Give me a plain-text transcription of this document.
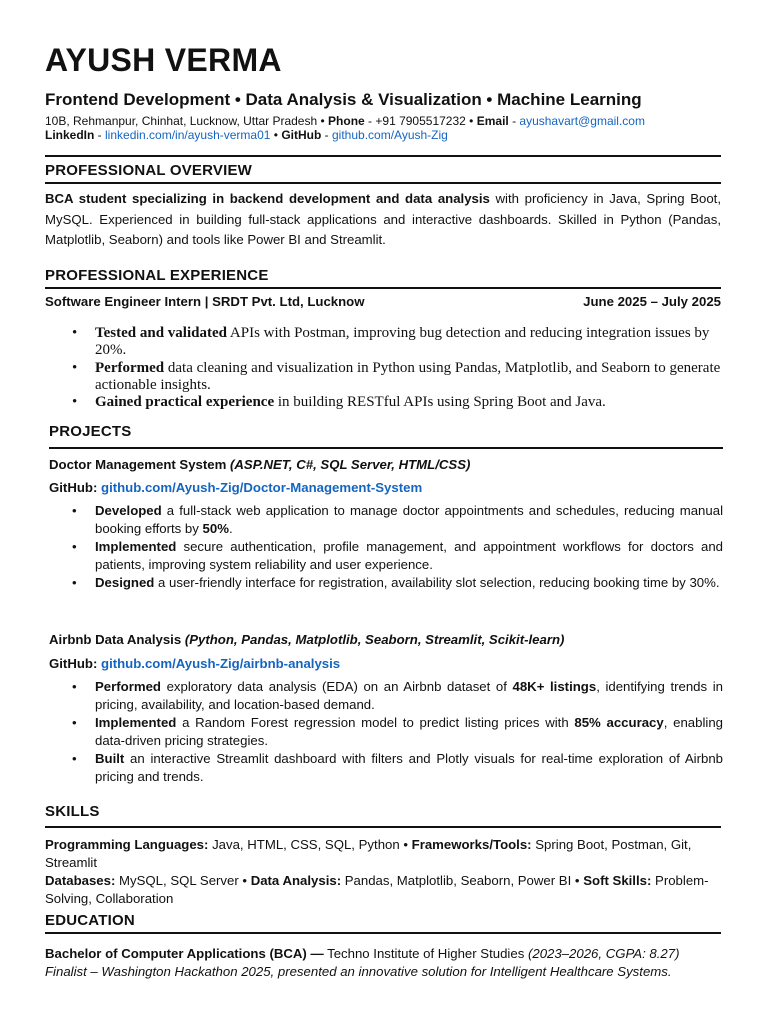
AYUSH VERMA
Frontend Development • Data Analysis & Visualization • Machine Learning
10B, Rehmanpur, Chinhat, Lucknow, Uttar Pradesh • Phone - +91 7905517232 • Email - ayushavart@gmail.com
LinkedIn - linkedin.com/in/ayush-verma01 • GitHub - github.com/Ayush-Zig
PROFESSIONAL OVERVIEW
BCA student specializing in backend development and data analysis with proficiency in Java, Spring Boot, MySQL. Experienced in building full-stack applications and interactive dashboards. Skilled in Python (Pandas, Matplotlib, Seaborn) and tools like Power BI and Streamlit.
PROFESSIONAL EXPERIENCE
Software Engineer Intern | SRDT Pvt. Ltd, Lucknow	June 2025 – July 2025
• Tested and validated APIs with Postman, improving bug detection and reducing integration issues by 20%.
• Performed data cleaning and visualization in Python using Pandas, Matplotlib, and Seaborn to generate actionable insights.
• Gained practical experience in building RESTful APIs using Spring Boot and Java.
PROJECTS
Doctor Management System (ASP.NET, C#, SQL Server, HTML/CSS)
GitHub: github.com/Ayush-Zig/Doctor-Management-System
• Developed a full-stack web application to manage doctor appointments and schedules, reducing manual booking efforts by 50%.
• Implemented secure authentication, profile management, and appointment workflows for doctors and patients, improving system reliability and user experience.
• Designed a user-friendly interface for registration, availability slot selection, reducing booking time by 30%.
Airbnb Data Analysis (Python, Pandas, Matplotlib, Seaborn, Streamlit, Scikit-learn)
GitHub: github.com/Ayush-Zig/airbnb-analysis
• Performed exploratory data analysis (EDA) on an Airbnb dataset of 48K+ listings, identifying trends in pricing, availability, and location-based demand.
• Implemented a Random Forest regression model to predict listing prices with 85% accuracy, enabling data-driven pricing strategies.
• Built an interactive Streamlit dashboard with filters and Plotly visuals for real-time exploration of Airbnb pricing and trends.
SKILLS
Programming Languages: Java, HTML, CSS, SQL, Python • Frameworks/Tools: Spring Boot, Postman, Git, Streamlit
Databases: MySQL, SQL Server • Data Analysis: Pandas, Matplotlib, Seaborn, Power BI • Soft Skills: Problem-Solving, Collaboration
EDUCATION
Bachelor of Computer Applications (BCA) — Techno Institute of Higher Studies (2023–2026, CGPA: 8.27)
Finalist – Washington Hackathon 2025, presented an innovative solution for Intelligent Healthcare Systems.
